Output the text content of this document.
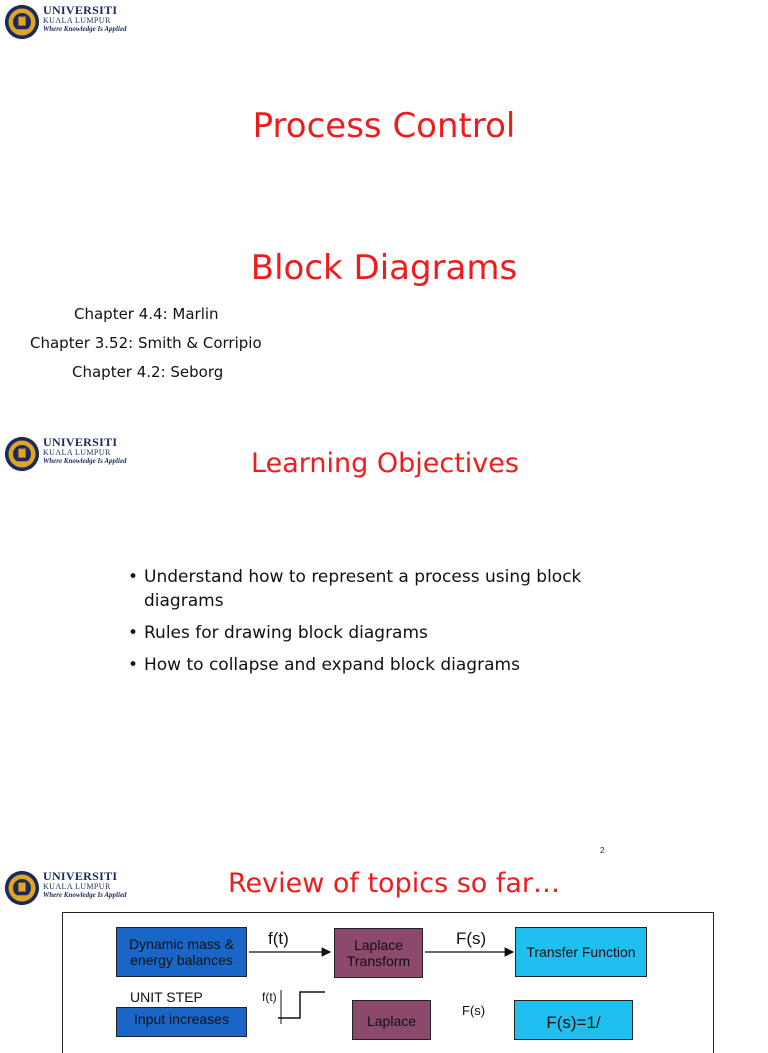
UNIVERSITI
KUALA LUMPUR
Where Knowledge Is Applied
Process Control
Block Diagrams
Chapter 4.4: Marlin
Chapter 3.52: Smith & Corripio
Chapter 4.2: Seborg
UNIVERSITI
KUALA LUMPUR
Where Knowledge Is Applied	Learning Objectives
• Understand how to represent a process using block diagrams
• Rules for drawing block diagrams
• How to collapse and expand block diagrams
2
UNIVERSITI
KUALA LUMPUR
Where Knowledge Is Applied	Review of topics so far…
Dynamic mass & energy balances
f(t)	Laplace Transform
F(s)
Transfer Function
UNIT STEP	f(t)
Input increases	Laplace
F(s)
F(s)=1/
